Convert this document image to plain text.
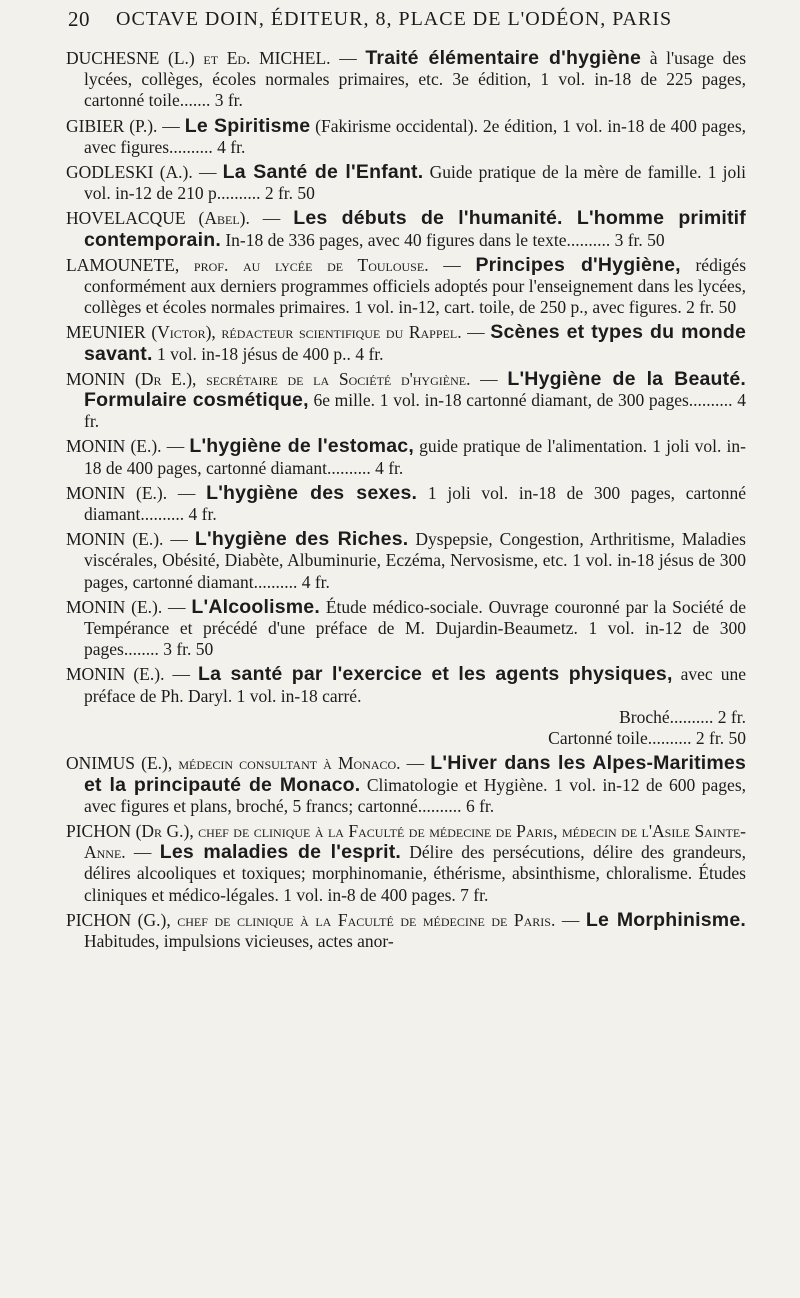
20 OCTAVE DOIN, ÉDITEUR, 8, PLACE DE L'ODÉON, PARIS

DUCHESNE (L.) et Ed. MICHEL. — Traité élémentaire d'hygiène à l'usage des lycées, collèges, écoles normales primaires, etc. 3e édition, 1 vol. in-18 de 225 pages, cartonné toile....... 3 fr.

GIBIER (P.). — Le Spiritisme (Fakirisme occidental). 2e édition, 1 vol. in-18 de 400 pages, avec figures.......... 4 fr.

GODLESKI (A.). — La Santé de l'Enfant. Guide pratique de la mère de famille. 1 joli vol. in-12 de 210 p.......... 2 fr. 50

HOVELACQUE (Abel). — Les débuts de l'humanité. L'homme primitif contemporain. In-18 de 336 pages, avec 40 figures dans le texte.......... 3 fr. 50

LAMOUNETE, prof. au lycée de Toulouse. — Principes d'Hygiène, rédigés conformément aux derniers programmes officiels adoptés pour l'enseignement dans les lycées, collèges et écoles normales primaires. 1 vol. in-12, cart. toile, de 250 p., avec figures. 2 fr. 50

MEUNIER (Victor), rédacteur scientifique du Rappel. — Scènes et types du monde savant. 1 vol. in-18 jésus de 400 p.. 4 fr.

MONIN (Dr E.), secrétaire de la Société d'hygiène. — L'Hygiène de la Beauté. Formulaire cosmétique, 6e mille. 1 vol. in-18 cartonné diamant, de 300 pages.......... 4 fr.

MONIN (E.). — L'hygiène de l'estomac, guide pratique de l'alimentation. 1 joli vol. in-18 de 400 pages, cartonné diamant.......... 4 fr.

MONIN (E.). — L'hygiène des sexes. 1 joli vol. in-18 de 300 pages, cartonné diamant.......... 4 fr.

MONIN (E.). — L'hygiène des Riches. Dyspepsie, Congestion, Arthritisme, Maladies viscérales, Obésité, Diabète, Albuminurie, Eczéma, Nervosisme, etc. 1 vol. in-18 jésus de 300 pages, cartonné diamant.......... 4 fr.

MONIN (E.). — L'Alcoolisme. Étude médico-sociale. Ouvrage couronné par la Société de Tempérance et précédé d'une préface de M. Dujardin-Beaumetz. 1 vol. in-12 de 300 pages........ 3 fr. 50

MONIN (E.). — La santé par l'exercice et les agents physiques, avec une préface de Ph. Daryl. 1 vol. in-18 carré.
Broché.......... 2 fr.
Cartonné toile.......... 2 fr. 50

ONIMUS (E.), médecin consultant à Monaco. — L'Hiver dans les Alpes-Maritimes et la principauté de Monaco. Climatologie et Hygiène. 1 vol. in-12 de 600 pages, avec figures et plans, broché, 5 francs; cartonné.......... 6 fr.

PICHON (Dr G.), chef de clinique à la Faculté de médecine de Paris, médecin de l'Asile Sainte-Anne. — Les maladies de l'esprit. Délire des persécutions, délire des grandeurs, délires alcooliques et toxiques; morphinomanie, éthérisme, absinthisme, chloralisme. Études cliniques et médico-légales. 1 vol. in-8 de 400 pages. 7 fr.

PICHON (G.), chef de clinique à la Faculté de médecine de Paris. — Le Morphinisme. Habitudes, impulsions vicieuses, actes anor-
